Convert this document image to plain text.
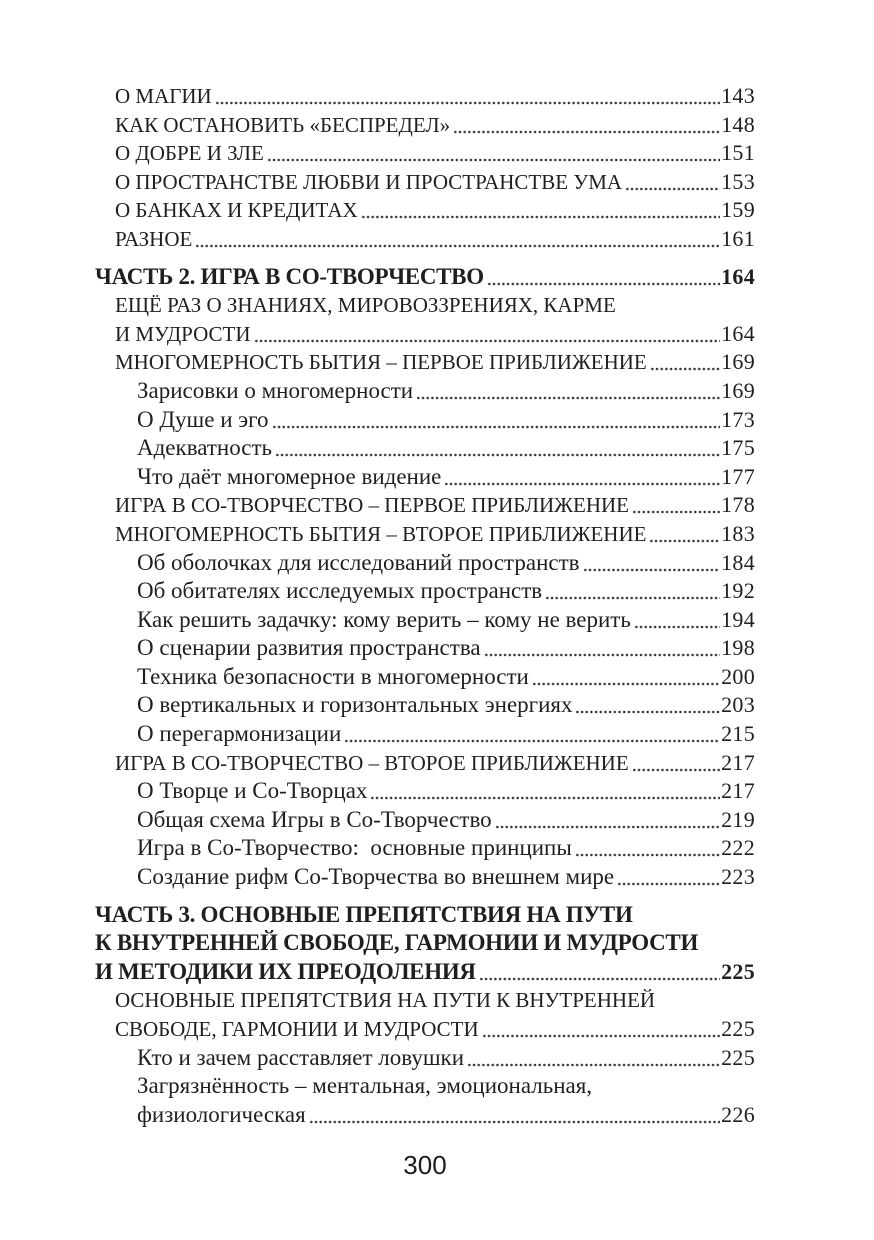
О МАГИИ	143
КАК ОСТАНОВИТЬ «БЕСПРЕДЕЛ»	148
О ДОБРЕ И ЗЛЕ	151
О ПРОСТРАНСТВЕ ЛЮБВИ И ПРОСТРАНСТВЕ УМА	153
О БАНКАХ И КРЕДИТАХ	159
РАЗНОЕ	161
ЧАСТЬ 2. ИГРА В СО-ТВОРЧЕСТВО	164
ЕЩЁ РАЗ О ЗНАНИЯХ, МИРОВОЗЗРЕНИЯХ, КАРМЕ
И МУДРОСТИ	164
МНОГОМЕРНОСТЬ БЫТИЯ – ПЕРВОЕ ПРИБЛИЖЕНИЕ	169
Зарисовки о многомерности	169
О Душе и эго	173
Адекватность	175
Что даёт многомерное видение	177
ИГРА В СО-ТВОРЧЕСТВО – ПЕРВОЕ ПРИБЛИЖЕНИЕ	178
МНОГОМЕРНОСТЬ БЫТИЯ – ВТОРОЕ ПРИБЛИЖЕНИЕ	183
Об оболочках для исследований пространств	184
Об обитателях исследуемых пространств	192
Как решить задачку: кому верить – кому не верить	194
О сценарии развития пространства	198
Техника безопасности в многомерности	200
О вертикальных и горизонтальных энергиях	203
О перегармонизации	215
ИГРА В СО-ТВОРЧЕСТВО – ВТОРОЕ ПРИБЛИЖЕНИЕ	217
О Творце и Со-Творцах	217
Общая схема Игры в Со-Творчество	219
Игра в Со-Творчество:  основные принципы	222
Создание рифм Со-Творчества во внешнем мире	223
ЧАСТЬ 3. ОСНОВНЫЕ ПРЕПЯТСТВИЯ НА ПУТИ
К ВНУТРЕННЕЙ СВОБОДЕ, ГАРМОНИИ И МУДРОСТИ
И МЕТОДИКИ ИХ ПРЕОДОЛЕНИЯ	225
ОСНОВНЫЕ ПРЕПЯТСТВИЯ НА ПУТИ К ВНУТРЕННЕЙ
СВОБОДЕ, ГАРМОНИИ И МУДРОСТИ	225
Кто и зачем расставляет ловушки	225
Загрязнённость – ментальная, эмоциональная,
физиологическая	226
300
